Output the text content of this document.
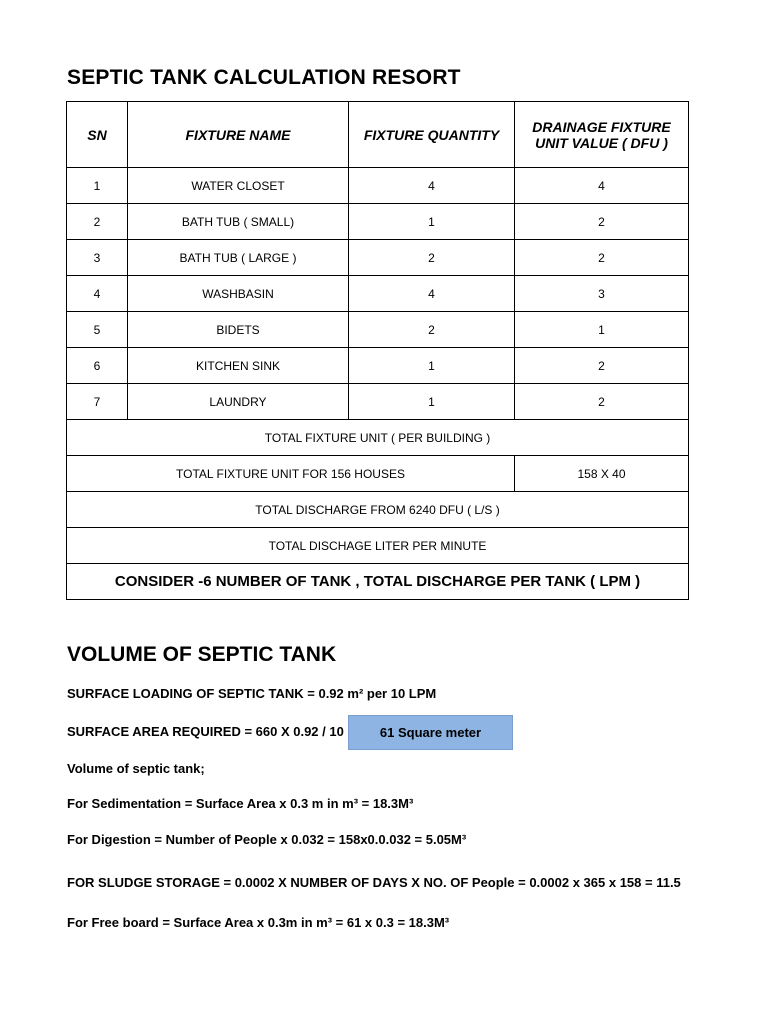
SEPTIC TANK CALCULATION RESORT
SN	FIXTURE NAME	FIXTURE QUANTITY	DRAINAGE FIXTURE UNIT VALUE ( DFU )
1	WATER CLOSET	4	4
2	BATH TUB ( SMALL)	1	2
3	BATH TUB ( LARGE )	2	2
4	WASHBASIN	4	3
5	BIDETS	2	1
6	KITCHEN SINK	1	2
7	LAUNDRY	1	2
TOTAL FIXTURE UNIT ( PER BUILDING )			
TOTAL FIXTURE UNIT FOR 156 HOUSES			158 X 40
TOTAL DISCHARGE FROM 6240 DFU ( L/S )			
TOTAL DISCHAGE LITER PER MINUTE			
CONSIDER -6 NUMBER OF TANK , TOTAL DISCHARGE PER TANK ( LPM )			
VOLUME OF SEPTIC TANK
SURFACE LOADING OF SEPTIC TANK = 0.92 m² per 10 LPM
SURFACE AREA REQUIRED = 660 X 0.92 / 10	61 Square meter
Volume of septic tank;
For Sedimentation = Surface Area x 0.3 m in m³ = 18.3M³
For Digestion = Number of People x 0.032 = 158x0.0.032 = 5.05M³
FOR SLUDGE STORAGE = 0.0002 X NUMBER OF DAYS X NO. OF People = 0.0002 x 365 x 158 = 11.5
For Free board = Surface Area x 0.3m in m³ = 61 x 0.3 = 18.3M³
